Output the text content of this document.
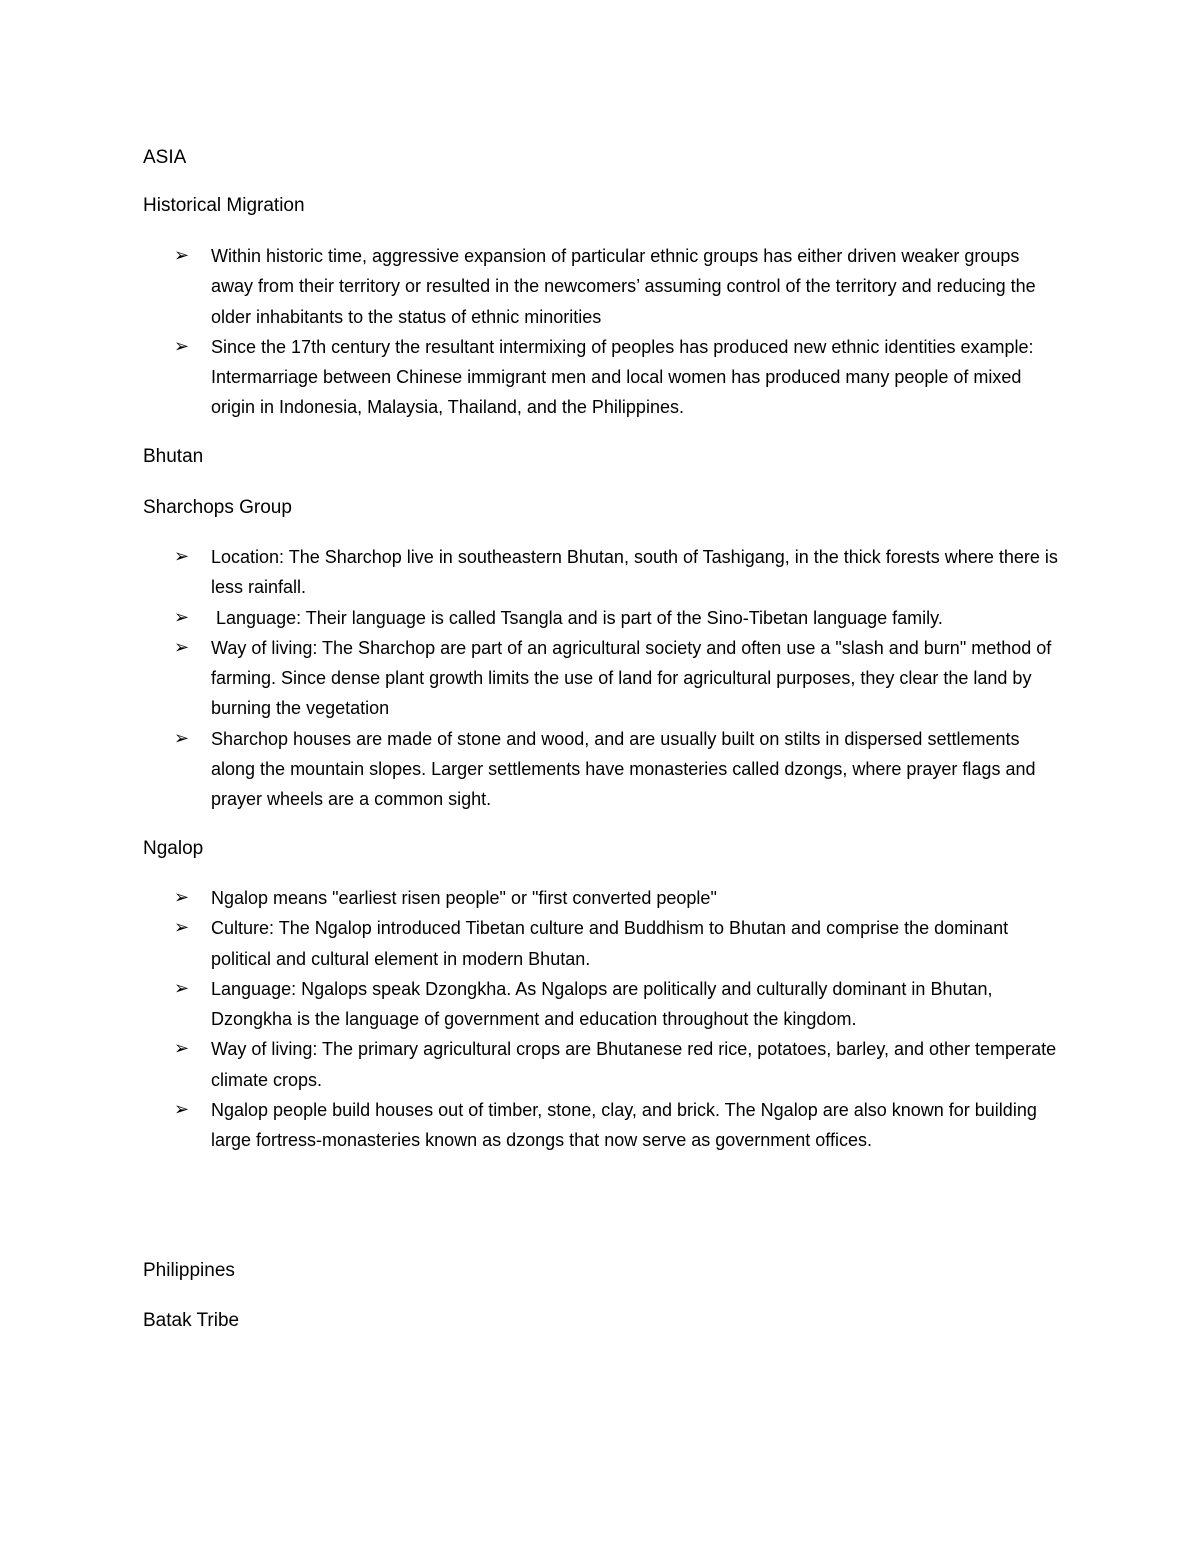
ASIA
Historical Migration
➢ Within historic time, aggressive expansion of particular ethnic groups has either driven weaker groups away from their territory or resulted in the newcomers’ assuming control of the territory and reducing the older inhabitants to the status of ethnic minorities
➢ Since the 17th century the resultant intermixing of peoples has produced new ethnic identities example: Intermarriage between Chinese immigrant men and local women has produced many people of mixed origin in Indonesia, Malaysia, Thailand, and the Philippines.
Bhutan
Sharchops Group
➢ Location: The Sharchop live in southeastern Bhutan, south of Tashigang, in the thick forests where there is less rainfall.
➢ Language: Their language is called Tsangla and is part of the Sino-Tibetan language family.
➢ Way of living: The Sharchop are part of an agricultural society and often use a "slash and burn" method of farming. Since dense plant growth limits the use of land for agricultural purposes, they clear the land by burning the vegetation
➢ Sharchop houses are made of stone and wood, and are usually built on stilts in dispersed settlements along the mountain slopes. Larger settlements have monasteries called dzongs, where prayer flags and prayer wheels are a common sight.
Ngalop
➢ Ngalop means "earliest risen people" or "first converted people"
➢ Culture: The Ngalop introduced Tibetan culture and Buddhism to Bhutan and comprise the dominant political and cultural element in modern Bhutan.
➢ Language: Ngalops speak Dzongkha. As Ngalops are politically and culturally dominant in Bhutan, Dzongkha is the language of government and education throughout the kingdom.
➢ Way of living: The primary agricultural crops are Bhutanese red rice, potatoes, barley, and other temperate climate crops.
➢ Ngalop people build houses out of timber, stone, clay, and brick. The Ngalop are also known for building large fortress-monasteries known as dzongs that now serve as government offices.
Philippines
Batak Tribe
